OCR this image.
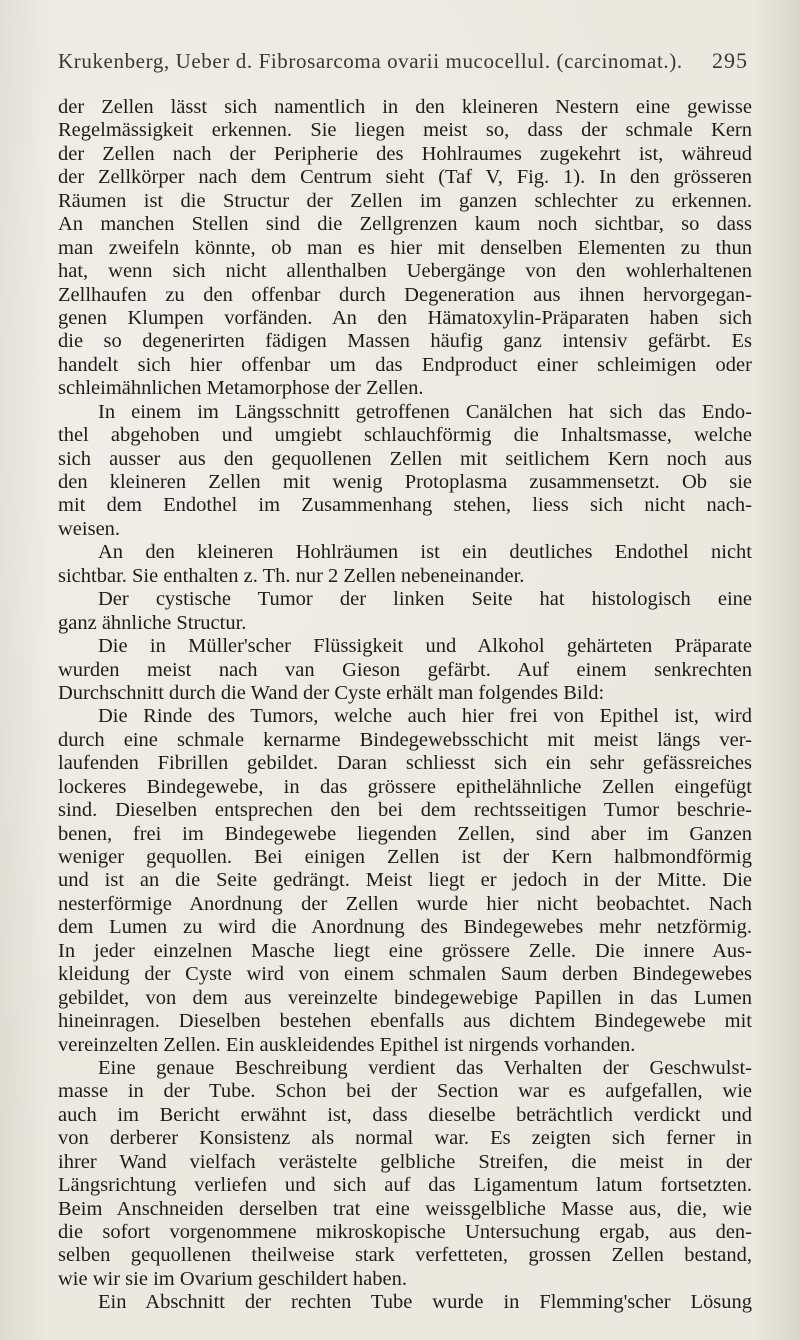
Krukenberg, Ueber d. Fibrosarcoma ovarii mucocellul. (carcinomat.). 295
der Zellen lässt sich namentlich in den kleineren Nestern eine gewisse
Regelmässigkeit erkennen. Sie liegen meist so, dass der schmale Kern
der Zellen nach der Peripherie des Hohlraumes zugekehrt ist, währeud
der Zellkörper nach dem Centrum sieht (Taf V, Fig. 1). In den grösseren
Räumen ist die Structur der Zellen im ganzen schlechter zu erkennen.
An manchen Stellen sind die Zellgrenzen kaum noch sichtbar, so dass
man zweifeln könnte, ob man es hier mit denselben Elementen zu thun
hat, wenn sich nicht allenthalben Uebergänge von den wohlerhaltenen
Zellhaufen zu den offenbar durch Degeneration aus ihnen hervorgegan-
genen Klumpen vorfänden. An den Hämatoxylin-Präparaten haben sich
die so degenerirten fädigen Massen häufig ganz intensiv gefärbt. Es
handelt sich hier offenbar um das Endproduct einer schleimigen oder
schleimähnlichen Metamorphose der Zellen.
In einem im Längsschnitt getroffenen Canälchen hat sich das Endo-
thel abgehoben und umgiebt schlauchförmig die Inhaltsmasse, welche
sich ausser aus den gequollenen Zellen mit seitlichem Kern noch aus
den kleineren Zellen mit wenig Protoplasma zusammensetzt. Ob sie
mit dem Endothel im Zusammenhang stehen, liess sich nicht nach-
weisen.
An den kleineren Hohlräumen ist ein deutliches Endothel nicht
sichtbar. Sie enthalten z. Th. nur 2 Zellen nebeneinander.
Der cystische Tumor der linken Seite hat histologisch eine
ganz ähnliche Structur.
Die in Müller'scher Flüssigkeit und Alkohol gehärteten Präparate
wurden meist nach van Gieson gefärbt. Auf einem senkrechten
Durchschnitt durch die Wand der Cyste erhält man folgendes Bild:
Die Rinde des Tumors, welche auch hier frei von Epithel ist, wird
durch eine schmale kernarme Bindegewebsschicht mit meist längs ver-
laufenden Fibrillen gebildet. Daran schliesst sich ein sehr gefässreiches
lockeres Bindegewebe, in das grössere epithelähnliche Zellen eingefügt
sind. Dieselben entsprechen den bei dem rechtsseitigen Tumor beschrie-
benen, frei im Bindegewebe liegenden Zellen, sind aber im Ganzen
weniger gequollen. Bei einigen Zellen ist der Kern halbmondförmig
und ist an die Seite gedrängt. Meist liegt er jedoch in der Mitte. Die
nesterförmige Anordnung der Zellen wurde hier nicht beobachtet. Nach
dem Lumen zu wird die Anordnung des Bindegewebes mehr netzförmig.
In jeder einzelnen Masche liegt eine grössere Zelle. Die innere Aus-
kleidung der Cyste wird von einem schmalen Saum derben Bindegewebes
gebildet, von dem aus vereinzelte bindegewebige Papillen in das Lumen
hineinragen. Dieselben bestehen ebenfalls aus dichtem Bindegewebe mit
vereinzelten Zellen. Ein auskleidendes Epithel ist nirgends vorhanden.
Eine genaue Beschreibung verdient das Verhalten der Geschwulst-
masse in der Tube. Schon bei der Section war es aufgefallen, wie
auch im Bericht erwähnt ist, dass dieselbe beträchtlich verdickt und
von derberer Konsistenz als normal war. Es zeigten sich ferner in
ihrer Wand vielfach verästelte gelbliche Streifen, die meist in der
Längsrichtung verliefen und sich auf das Ligamentum latum fortsetzten.
Beim Anschneiden derselben trat eine weissgelbliche Masse aus, die, wie
die sofort vorgenommene mikroskopische Untersuchung ergab, aus den-
selben gequollenen theilweise stark verfetteten, grossen Zellen bestand,
wie wir sie im Ovarium geschildert haben.
Ein Abschnitt der rechten Tube wurde in Flemming'scher Lösung
